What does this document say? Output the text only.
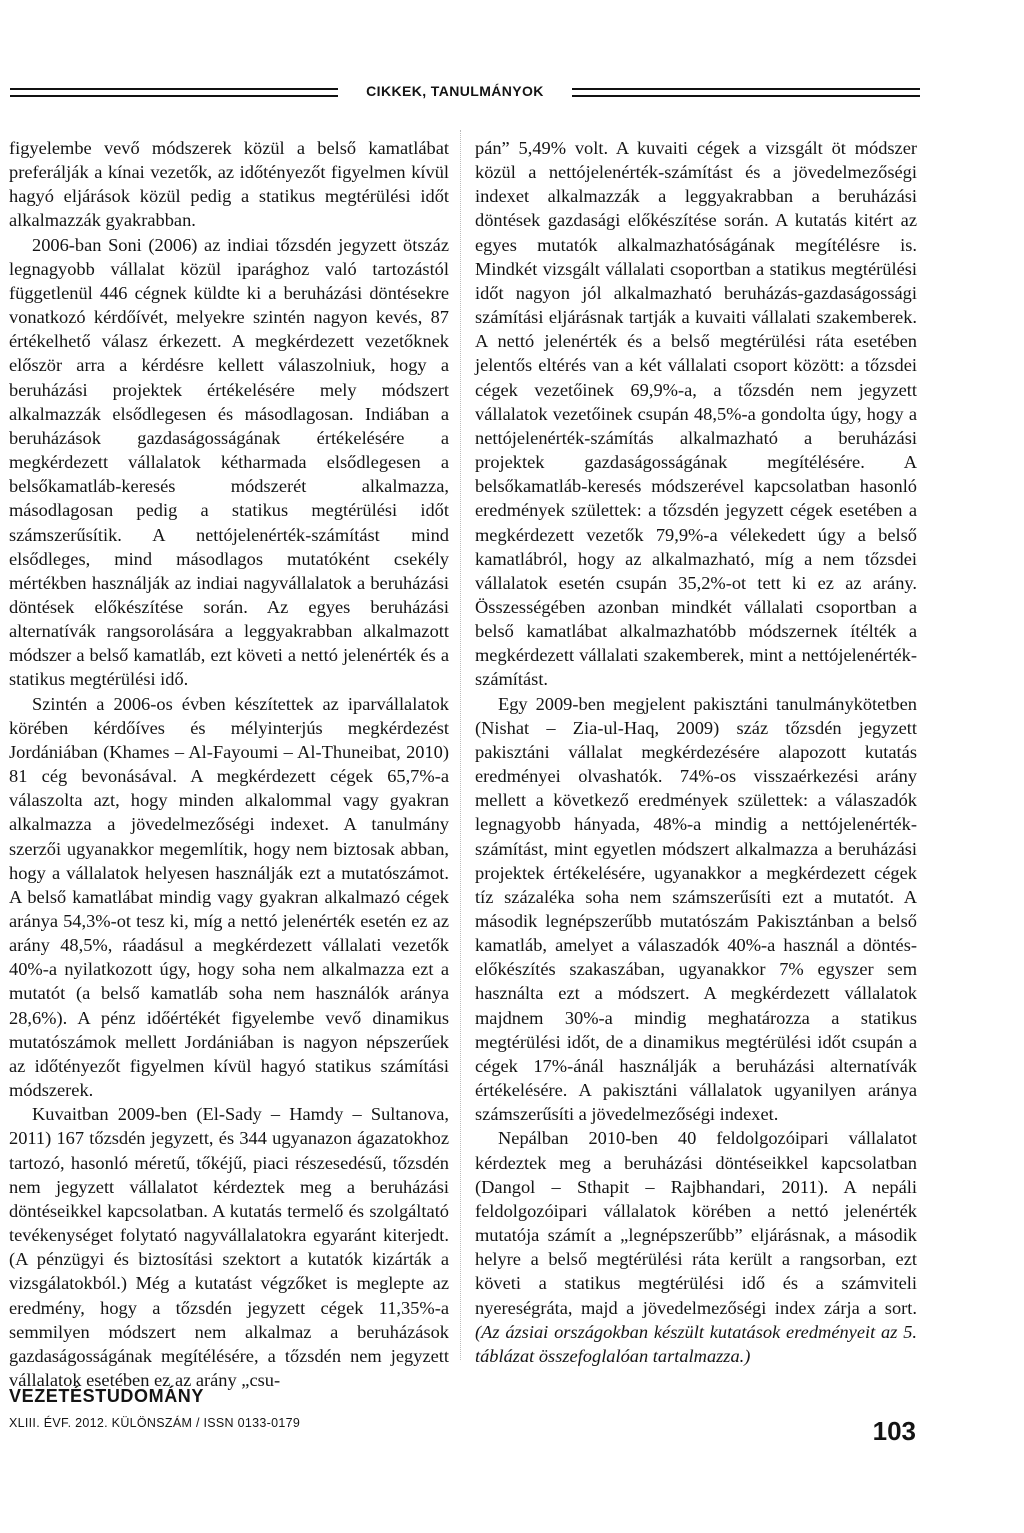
CIKKEK, TANULMÁNYOK

figyelembe vevő módszerek közül a belső kamatlábat preferálják a kínai vezetők, az időtényezőt figyelmen kívül hagyó eljárások közül pedig a statikus megtérülési időt alkalmazzák gyakrabban.

2006-ban Soni (2006) az indiai tőzsdén jegyzett ötszáz legnagyobb vállalat közül iparághoz való tartozástól függetlenül 446 cégnek küldte ki a beruházási döntésekre vonatkozó kérdőívét, melyekre szintén nagyon kevés, 87 értékelhető válasz érkezett. A megkérdezett vezetőknek először arra a kérdésre kellett válaszolniuk, hogy a beruházási projektek értékelésére mely módszert alkalmazzák elsődlegesen és másodlagosan. Indiában a beruházások gazdaságosságának értékelésére a megkérdezett vállalatok kétharmada elsődlegesen a belsőkamatláb-keresés módszerét alkalmazza, másodlagosan pedig a statikus megtérülési időt számszerűsítik. A nettójelenérték-számítást mind elsődleges, mind másodlagos mutatóként csekély mértékben használják az indiai nagyvállalatok a beruházási döntések előkészítése során. Az egyes beruházási alternatívák rangsorolására a leggyakrabban alkalmazott módszer a belső kamatláb, ezt követi a nettó jelenérték és a statikus megtérülési idő.

Szintén a 2006-os évben készítettek az iparvállalatok körében kérdőíves és mélyinterjús megkérdezést Jordániában (Khames – Al-Fayoumi – Al-Thuneibat, 2010) 81 cég bevonásával. A megkérdezett cégek 65,7%-a válaszolta azt, hogy minden alkalommal vagy gyakran alkalmazza a jövedelmezőségi indexet. A tanulmány szerzői ugyanakkor megemlítik, hogy nem biztosak abban, hogy a vállalatok helyesen használják ezt a mutatószámot. A belső kamatlábat mindig vagy gyakran alkalmazó cégek aránya 54,3%-ot tesz ki, míg a nettó jelenérték esetén ez az arány 48,5%, ráadásul a megkérdezett vállalati vezetők 40%-a nyilatkozott úgy, hogy soha nem alkalmazza ezt a mutatót (a belső kamatláb soha nem használók aránya 28,6%). A pénz időértékét figyelembe vevő dinamikus mutatószámok mellett Jordániában is nagyon népszerűek az időtényezőt figyelmen kívül hagyó statikus számítási módszerek.

Kuvaitban 2009-ben (El-Sady – Hamdy – Sultanova, 2011) 167 tőzsdén jegyzett, és 344 ugyanazon ágazatokhoz tartozó, hasonló méretű, tőkéjű, piaci részesedésű, tőzsdén nem jegyzett vállalatot kérdeztek meg a beruházási döntéseikkel kapcsolatban. A kutatás termelő és szolgáltató tevékenységet folytató nagyvállalatokra egyaránt kiterjedt. (A pénzügyi és biztosítási szektort a kutatók kizárták a vizsgálatokból.) Még a kutatást végzőket is meglepte az eredmény, hogy a tőzsdén jegyzett cégek 11,35%-a semmilyen módszert nem alkalmaz a beruházások gazdaságosságának megítélésére, a tőzsdén nem jegyzett vállalatok esetében ez az arány „csu-

pán” 5,49% volt. A kuvaiti cégek a vizsgált öt módszer közül a nettójelenérték-számítást és a jövedelmezőségi indexet alkalmazzák a leggyakrabban a beruházási döntések gazdasági előkészítése során. A kutatás kitért az egyes mutatók alkalmazhatóságának megítélésre is. Mindkét vizsgált vállalati csoportban a statikus megtérülési időt nagyon jól alkalmazható beruházás-gazdaságossági számítási eljárásnak tartják a kuvaiti vállalati szakemberek. A nettó jelenérték és a belső megtérülési ráta esetében jelentős eltérés van a két vállalati csoport között: a tőzsdei cégek vezetőinek 69,9%-a, a tőzsdén nem jegyzett vállalatok vezetőinek csupán 48,5%-a gondolta úgy, hogy a nettójelenérték-számítás alkalmazható a beruházási projektek gazdaságosságának megítélésére. A belsőkamatláb-keresés módszerével kapcsolatban hasonló eredmények születtek: a tőzsdén jegyzett cégek esetében a megkérdezett vezetők 79,9%-a vélekedett úgy a belső kamatlábról, hogy az alkalmazható, míg a nem tőzsdei vállalatok esetén csupán 35,2%-ot tett ki ez az arány. Összességében azonban mindkét vállalati csoportban a belső kamatlábat alkalmazhatóbb módszernek ítélték a megkérdezett vállalati szakemberek, mint a nettójelenérték-számítást.

Egy 2009-ben megjelent pakisztáni tanulmánykötetben (Nishat – Zia-ul-Haq, 2009) száz tőzsdén jegyzett pakisztáni vállalat megkérdezésére alapozott kutatás eredményei olvashatók. 74%-os visszaérkezési arány mellett a következő eredmények születtek: a válaszadók legnagyobb hányada, 48%-a mindig a nettójelenérték-számítást, mint egyetlen módszert alkalmazza a beruházási projektek értékelésére, ugyanakkor a megkérdezett cégek tíz százaléka soha nem számszerűsíti ezt a mutatót. A második legnépszerűbb mutatószám Pakisztánban a belső kamatláb, amelyet a válaszadók 40%-a használ a döntés-előkészítés szakaszában, ugyanakkor 7% egyszer sem használta ezt a módszert. A megkérdezett vállalatok majdnem 30%-a mindig meghatározza a statikus megtérülési időt, de a dinamikus megtérülési időt csupán a cégek 17%-ánál használják a beruházási alternatívák értékelésére. A pakisztáni vállalatok ugyanilyen aránya számszerűsíti a jövedelmezőségi indexet.

Nepálban 2010-ben 40 feldolgozóipari vállalatot kérdeztek meg a beruházási döntéseikkel kapcsolatban (Dangol – Sthapit – Rajbhandari, 2011). A nepáli feldolgozóipari vállalatok körében a nettó jelenérték mutatója számít a „legnépszerűbb” eljárásnak, a második helyre a belső megtérülési ráta került a rangsorban, ezt követi a statikus megtérülési idő és a számviteli nyereségráta, majd a jövedelmezőségi index zárja a sort. (Az ázsiai országokban készült kutatások eredményeit az 5. táblázat összefoglalóan tartalmazza.)

VEZETÉSTUDOMÁNY
XLIII. ÉVF. 2012. KÜLÖNSZÁM / ISSN 0133-0179	103
